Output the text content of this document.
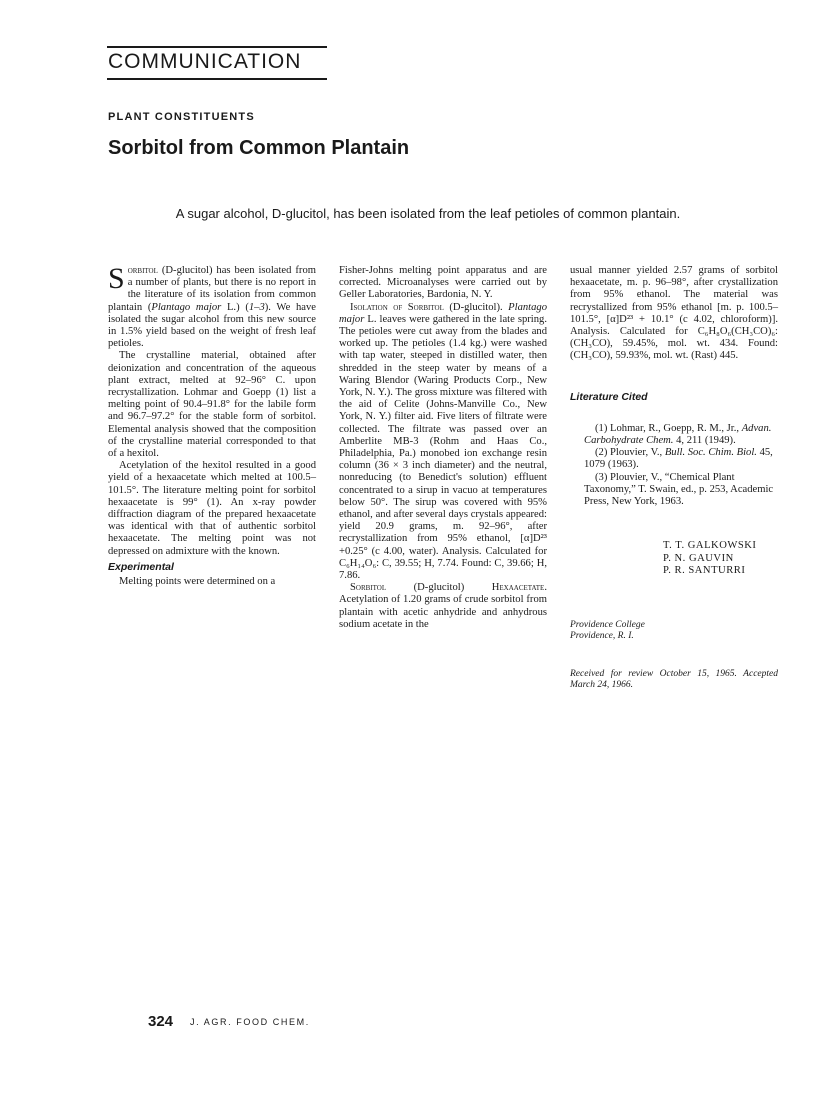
COMMUNICATION
PLANT CONSTITUENTS
Sorbitol from Common Plantain
A sugar alcohol, D-glucitol, has been isolated from the leaf petioles of common plantain.

Sorbitol (D-glucitol) has been isolated from a number of plants, but there is no report in the literature of its isolation from common plantain (Plantago major L.) (1–3). We have isolated the sugar alcohol from this new source in 1.5% yield based on the weight of fresh leaf petioles.

The crystalline material, obtained after deionization and concentration of the aqueous plant extract, melted at 92–96° C. upon recrystallization. Lohmar and Goepp (1) list a melting point of 90.4–91.8° for the labile form and 96.7–97.2° for the stable form of sorbitol. Elemental analysis showed that the composition of the crystalline material corresponded to that of a hexitol.

Acetylation of the hexitol resulted in a good yield of a hexaacetate which melted at 100.5–101.5°. The literature melting point for sorbitol hexaacetate is 99° (1). An x-ray powder diffraction diagram of the prepared hexaacetate was identical with that of authentic sorbitol hexaacetate. The melting point was not depressed on admixture with the known.

Experimental

Melting points were determined on a

Fisher-Johns melting point apparatus and are corrected. Microanalyses were carried out by Geller Laboratories, Bardonia, N. Y.

Isolation of Sorbitol (D-glucitol). Plantago major L. leaves were gathered in the late spring. The petioles were cut away from the blades and worked up. The petioles (1.4 kg.) were washed with tap water, steeped in distilled water, then shredded in the steep water by means of a Waring Blendor (Waring Products Corp., New York, N. Y.). The gross mixture was filtered with the aid of Celite (Johns-Manville Co., New York, N. Y.) filter aid. Five liters of filtrate were collected. The filtrate was passed over an Amberlite MB-3 (Rohm and Haas Co., Philadelphia, Pa.) monobed ion exchange resin column (36 × 3 inch diameter) and the neutral, nonreducing (to Benedict's solution) effluent concentrated to a sirup in vacuo at temperatures below 50°. The sirup was covered with 95% ethanol, and after several days crystals appeared: yield 20.9 grams, m. 92–96°, after recrystallization from 95% ethanol, [α]D²³ +0.25° (c 4.00, water). Analysis. Calculated for C₆H₁₄O₆: C, 39.55; H, 7.74. Found: C, 39.66; H, 7.86.

Sorbitol (D-glucitol) Hexaacetate. Acetylation of 1.20 grams of crude sorbitol from plantain with acetic anhydride and anhydrous sodium acetate in the

usual manner yielded 2.57 grams of sorbitol hexaacetate, m. p. 96–98°, after crystallization from 95% ethanol. The material was recrystallized from 95% ethanol [m. p. 100.5–101.5°, [α]D²³ + 10.1° (c 4.02, chloroform)]. Analysis. Calculated for C₆H₈O₆(CH₃CO)₆: (CH₃CO), 59.45%, mol. wt. 434. Found: (CH₃CO), 59.93%, mol. wt. (Rast) 445.

Literature Cited

(1) Lohmar, R., Goepp, R. M., Jr., Advan. Carbohydrate Chem. 4, 211 (1949).

(2) Plouvier, V., Bull. Soc. Chim. Biol. 45, 1079 (1963).

(3) Plouvier, V., “Chemical Plant Taxonomy,” T. Swain, ed., p. 253, Academic Press, New York, 1963.

T. T. GALKOWSKI
P. N. GAUVIN
P. R. SANTURRI
Providence College
Providence, R. I.
Received for review October 15, 1965. Accepted March 24, 1966.
324 J. AGR. FOOD CHEM.
